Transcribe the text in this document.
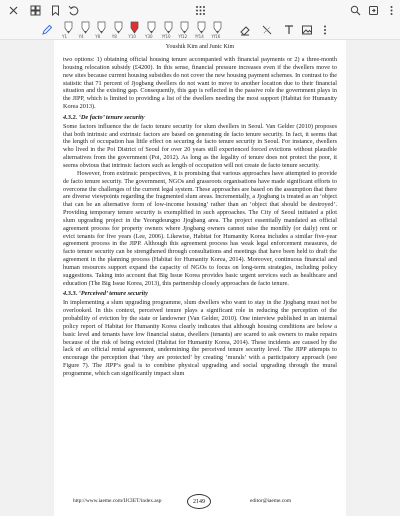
Y1	Y4	Y8	Y8	Y10	Y30	Yf10	Yf12	Yf14	Yf16
Youshik Kim and Junic Kim

two options: 1) obtaining official housing tenure accompanied with financial payments or 2) a three-month housing relocation subsidy (£4200). In this sense, financial pressure increases even if the dwellers move to new sites because current housing subsidies do not cover the new housing payment schemes. In contrast to the statistic that 71 percent of Jjogbang dwellers do not want to move to another location due to their financial situation and the existing gap. Consequently, this gap is reflected in the passive role the government plays in the JIPP, which is limited to providing a list of the dwellers needing the most support (Habitat for Humanity Korea 2013).

4.3.2. ‘De facto’ tenure security

Some factors influence the de facto tenure security for slum dwellers in Seoul. Van Gelder (2010) proposes that both intrinsic and extrinsic factors are based on generating de facto tenure security. In fact, it seems that the length of occupation has little effect on securing de facto tenure security in Seoul. For instance, dwellers who lived in the Poi District of Seoul for over 20 years still experienced forced evictions without plausible alternatives from the government (Poi, 2012). As long as the legality of tenure does not protect the poor, it seems obvious that intrinsic factors such as length of occupation will not create de facto tenure security.

However, from extrinsic perspectives, it is promising that various approaches have attempted to provide de facto tenure security. The government, NGOs and grassroots organisations have made significant efforts to overcome the challenges of the current legal system. These approaches are based on the assumption that there are diverse viewpoints regarding the fragmented slum areas. Incrementally, a Jjogbang is treated as an ‘object that can be an alternative form of low-income housing’ rather than an ‘object that should be destroyed’. Providing temporary tenure security is exemplified in such approaches. The City of Seoul initiated a pilot slum upgrading project in the Yeongdeungpo Jjogbang area. The project essentially mandated an official agreement process for property owners where Jjogbang owners cannot raise the monthly (or daily) rent or evict tenants for five years (Lee, 2006). Likewise, Habitat for Humanity Korea includes a similar five-year agreement process in the JIPP. Although this agreement process has weak legal enforcement measures, de facto tenure security can be strengthened through consultations and meetings that have been held to draft the agreement in the planning process (Habitat for Humanity Korea, 2014). Moreover, continuous financial and human resources support expand the capacity of NGOs to focus on long-term strategies, including policy suggestions. Taking into account that Big Issue Korea provides basic urgent services such as healthcare and education (The Big Issue Korea, 2013), this partnership closely approaches de facto tenure.

4.3.3. ‘Perceived’ tenure security

In implementing a slum upgrading programme, slum dwellers who want to stay in the Jjogbang must not be overlooked. In this context, perceived tenure plays a significant role in reducing the perception of the probability of eviction by the state or landowner (Van Gelder, 2010). One interview published in an internal policy report of Habitat for Humanity Korea clearly indicates that although housing conditions are below a basic level and tenants have low financial status, dwellers (tenants) are scared to ask owners to make repairs because of the risk of being evicted (Habitat for Humanity Korea, 2014). These incidents are caused by the lack of an official rental agreement, undermining the perceived tenure security level. The JIPP attempts to encourage the perception that ‘they are protected’ by creating ‘murals’ with a participatory approach (see Figure 7). The JIPP’s goal is to combine physical upgrading and social upgrading through the mural programme, which can significantly impact slum

http://www.iaeme.com/IJCIET/index.asp	2149	editor@iaeme.com
